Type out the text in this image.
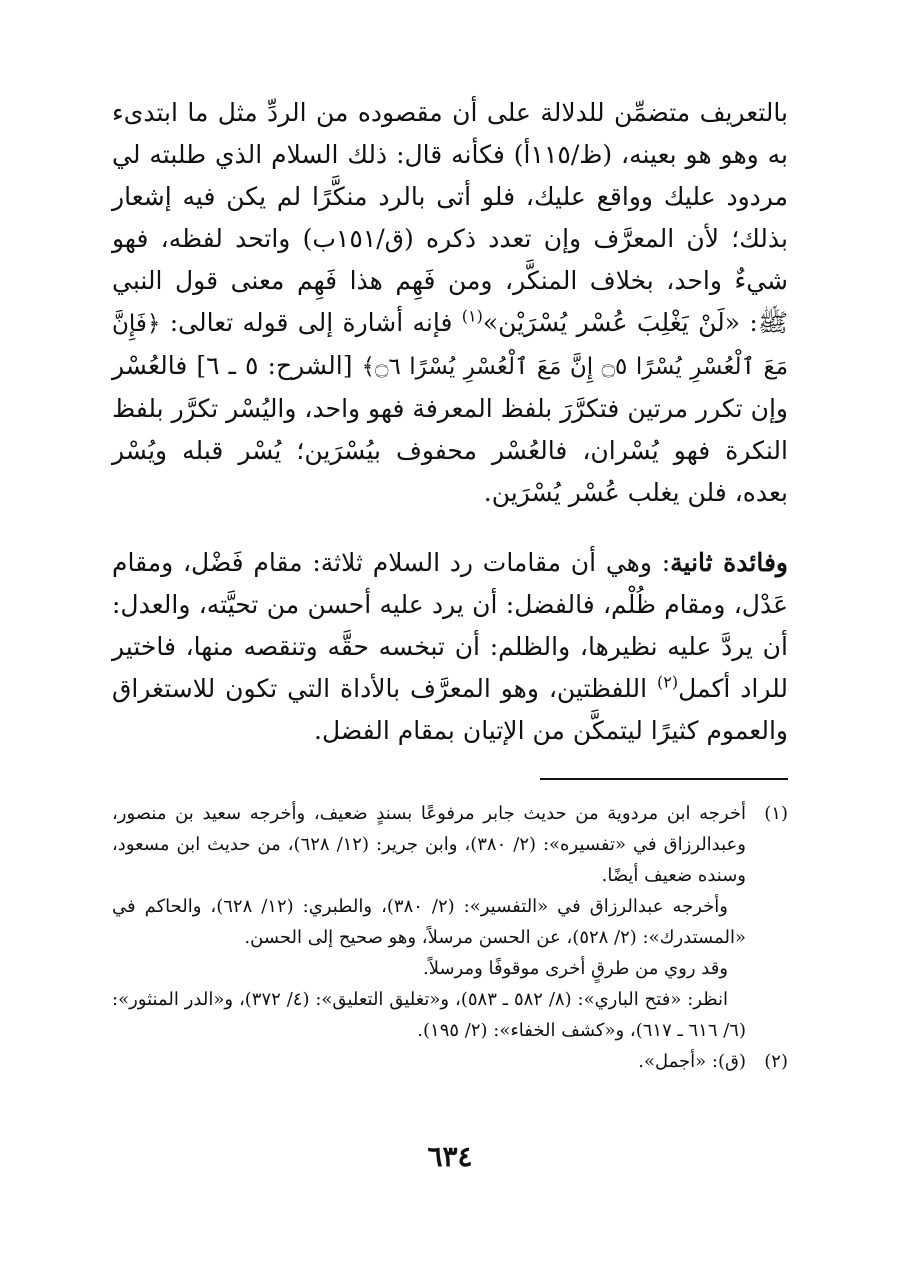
بالتعريف متضمِّن للدلالة على أن مقصوده من الردِّ مثل ما ابتدىء به وهو هو بعينه، (ظ/١١٥أ) فكأنه قال: ذلك السلام الذي طلبته لي مردود عليك وواقع عليك، فلو أتى بالرد منكَّرًا لم يكن فيه إشعار بذلك؛ لأن المعرَّف وإن تعدد ذكره (ق/١٥١ب) واتحد لفظه، فهو شيءٌ واحد، بخلاف المنكَّر، ومن فَهِم هذا فَهِم معنى قول النبي ﷺ: «لَنْ يَغْلِبَ عُسْر يُسْرَيْن»$^{(١)}$ فإنه أشارة إلى قوله تعالى: ﴿فَإِنَّ مَعَ ٱلْعُسْرِ يُسْرًا ۝٥ إِنَّ مَعَ ٱلْعُسْرِ يُسْرًا ۝٦﴾ [الشرح: ٥ ـ ٦] فالعُسْر وإن تكرر مرتين فتكرَّرَ بلفظ المعرفة فهو واحد، واليُسْر تكرَّر بلفظ النكرة فهو يُسْران، فالعُسْر محفوف بيُسْرَين؛ يُسْر قبله ويُسْر بعده، فلن يغلب عُسْر يُسْرَين.

وفائدة ثانية: وهي أن مقامات رد السلام ثلاثة: مقام فَضْل، ومقام عَدْل، ومقام ظُلْم، فالفضل: أن يرد عليه أحسن من تحيَّته، والعدل: أن يردَّ عليه نظيرها، والظلم: أن تبخسه حقَّه وتنقصه منها، فاختير للراد أكمل$^{(٢)}$ اللفظتين، وهو المعرَّف بالأداة التي تكون للاستغراق والعموم كثيرًا ليتمكَّن من الإتيان بمقام الفضل.

(١)

أخرجه ابن مردوية من حديث جابر مرفوعًا بسندٍ ضعيف، وأخرجه سعيد بن منصور، وعبدالرزاق في «تفسيره»: (٢/ ٣٨٠)، وابن جرير: (١٢/ ٦٢٨)، من حديث ابن مسعود، وسنده ضعيف أيضًا.

وأخرجه عبدالرزاق في «التفسير»: (٢/ ٣٨٠)، والطبري: (١٢/ ٦٢٨)، والحاكم في «المستدرك»: (٢/ ٥٢٨)، عن الحسن مرسلاً، وهو صحيح إلى الحسن.

وقد روي من طرقٍ أخرى موقوفًا ومرسلاً.

انظر: «فتح الباري»: (٨/ ٥٨٢ ـ ٥٨٣)، و«تغليق التعليق»: (٤/ ٣٧٢)، و«الدر المنثور»: (٦/ ٦١٦ ـ ٦١٧)، و«كشف الخفاء»: (٢/ ١٩٥).

(٢)

(ق): «أجمل».

٦٣٤
